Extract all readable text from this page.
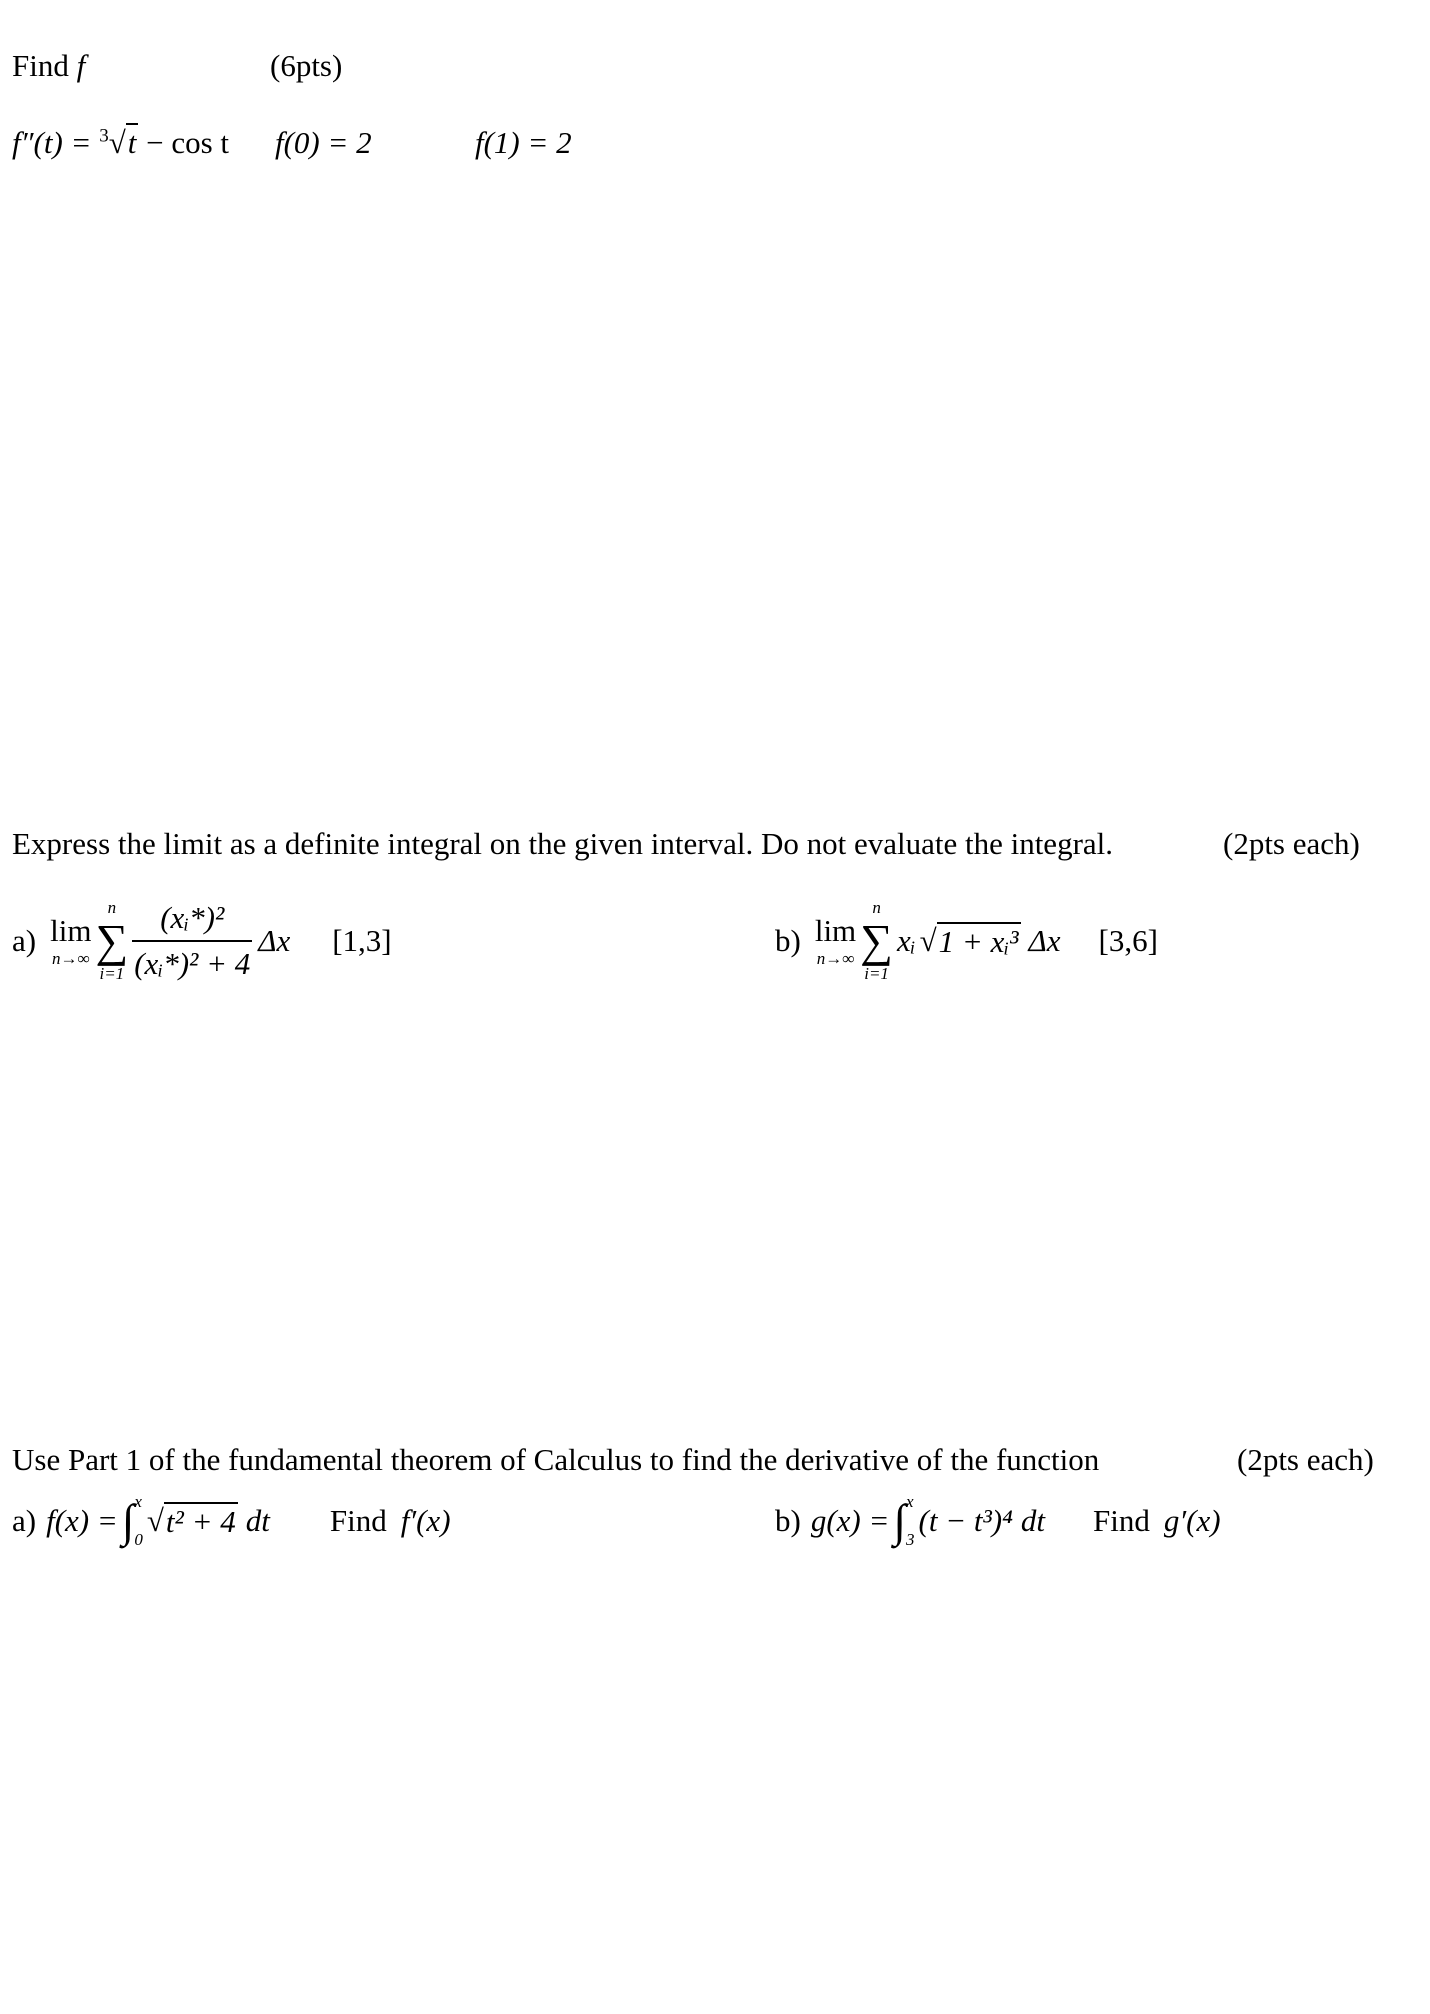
Find f	(6pts)
f″(t) = $^3$√t − cos t f(0) = 2	f(1) = 2
Express the limit as a definite integral on the given interval. Do not evaluate the integral.	(2pts each)
a) lim
n→∞
n
∑
$i=1 \frac{\text{(xᵢ*)²}}{\text{(xᵢ*)² + 4}}$ Δx [1,3]	b) lim
n→∞
n
∑
i=1
xᵢ √ 1 + xᵢ³ Δx [3,6]
Use Part 1 of the fundamental theorem of Calculus to find the derivative of the function	(2pts each)
a) f(x) = ∫ x
0
√ t² + 4 dt Find f′(x)	b) g(x) = ∫ x
3
(t − t³)⁴ dt Find g′(x)
